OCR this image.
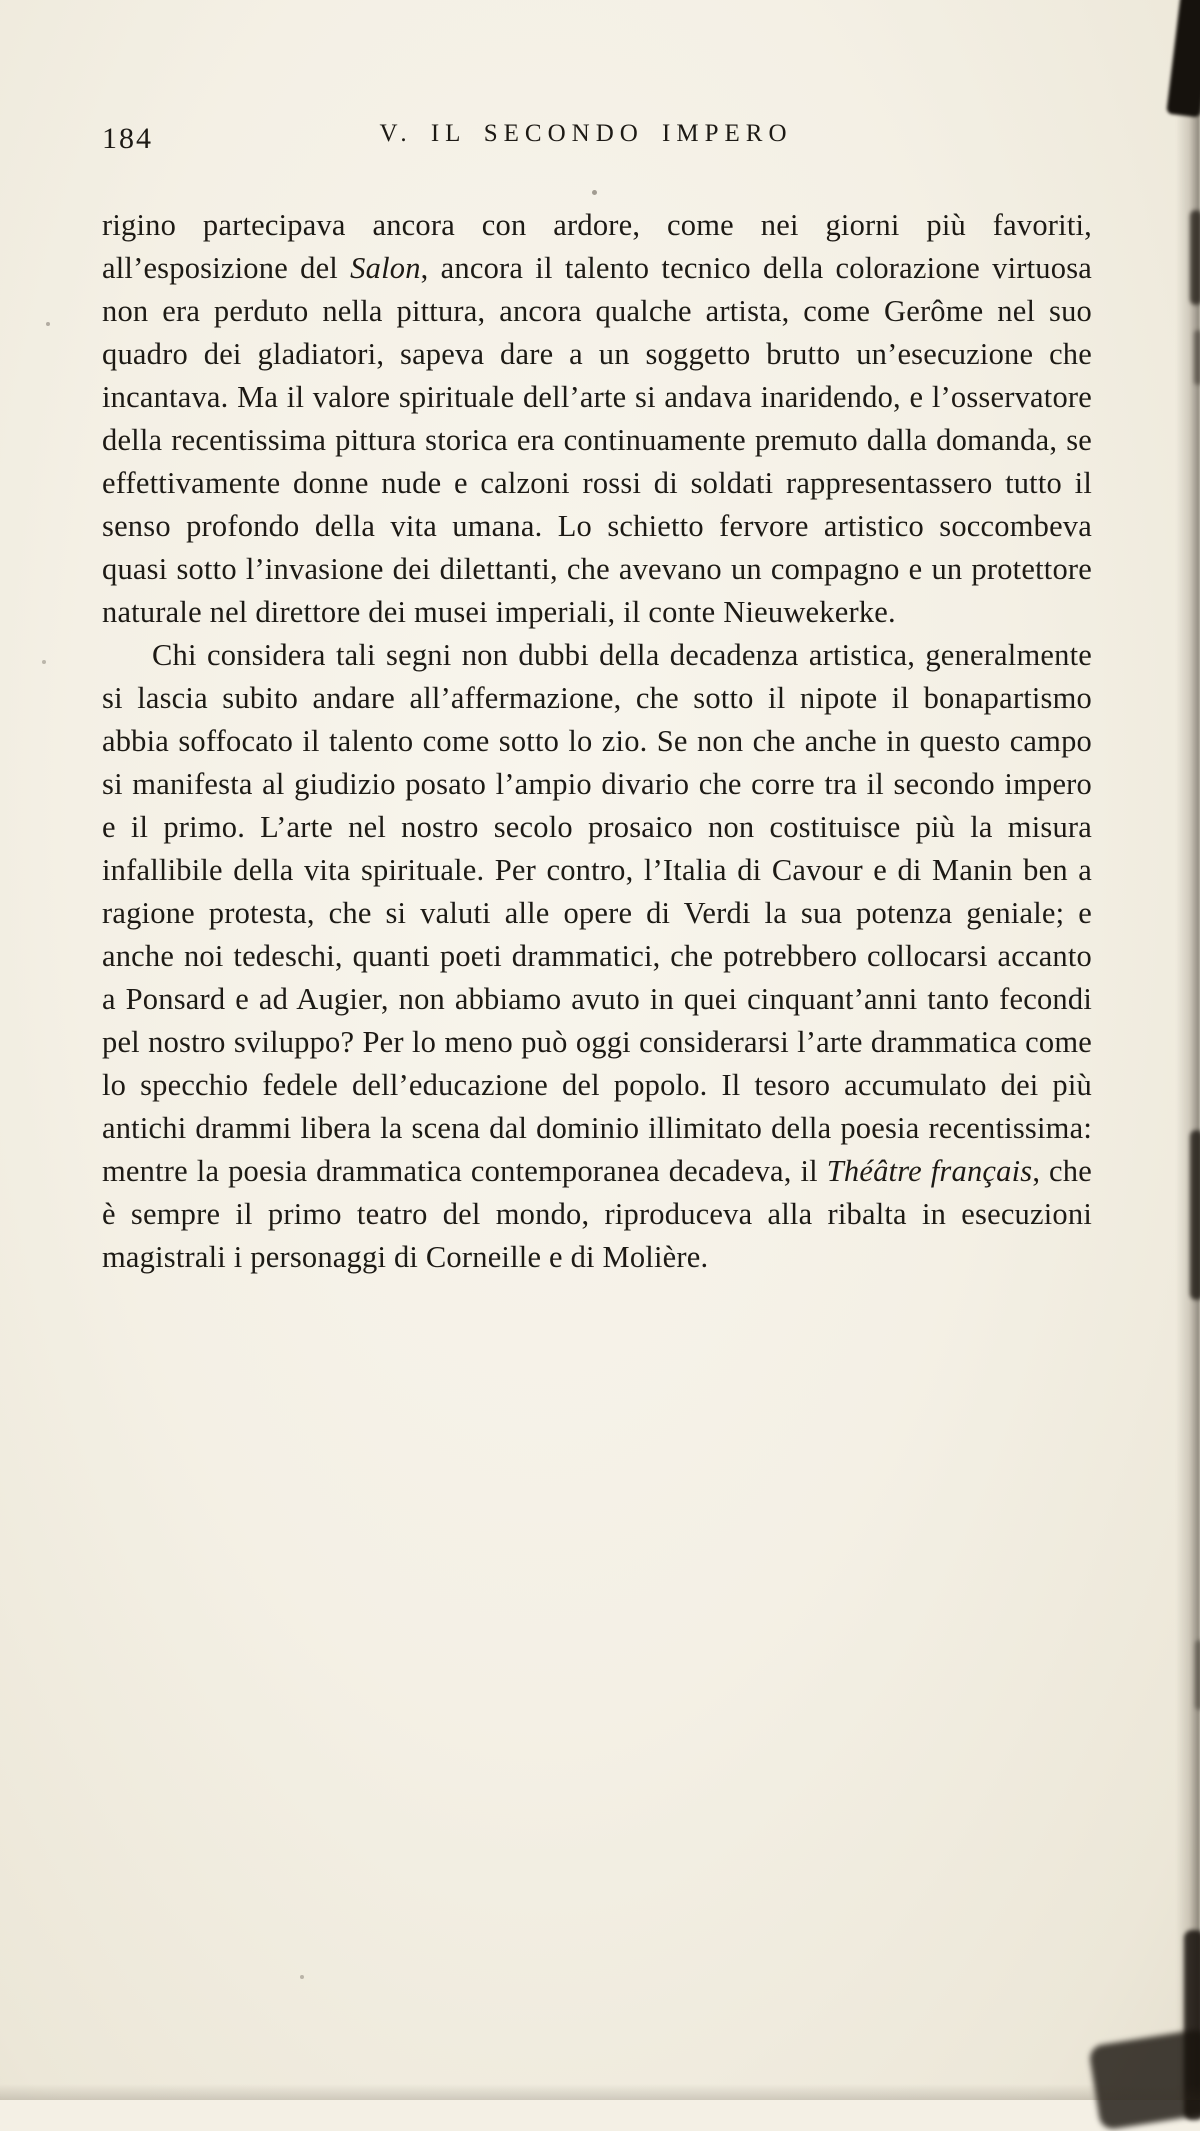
184	V. IL SECONDO IMPERO

rigino partecipava ancora con ardore, come nei giorni più favoriti, all’esposizione del Salon, ancora il talento tecnico della colorazione virtuosa non era perduto nella pittura, ancora qualche artista, come Gerôme nel suo quadro dei gladiatori, sapeva dare a un soggetto brutto un’esecuzione che incantava. Ma il valore spirituale dell’arte si andava inaridendo, e l’osservatore della recentissima pittura storica era continuamente premuto dalla domanda, se effettivamente donne nude e calzoni rossi di soldati rappresentassero tutto il senso profondo della vita umana. Lo schietto fervore artistico soccombeva quasi sotto l’invasione dei dilettanti, che avevano un compagno e un protettore naturale nel direttore dei musei imperiali, il conte Nieuwekerke.

Chi considera tali segni non dubbi della decadenza artistica, generalmente si lascia subito andare all’affermazione, che sotto il nipote il bonapartismo abbia soffocato il talento come sotto lo zio. Se non che anche in questo campo si manifesta al giudizio posato l’ampio divario che corre tra il secondo impero e il primo. L’arte nel nostro secolo prosaico non costituisce più la misura infallibile della vita spirituale. Per contro, l’Italia di Cavour e di Manin ben a ragione protesta, che si valuti alle opere di Verdi la sua potenza geniale; e anche noi tedeschi, quanti poeti drammatici, che potrebbero collocarsi accanto a Ponsard e ad Augier, non abbiamo avuto in quei cinquant’anni tanto fecondi pel nostro sviluppo? Per lo meno può oggi considerarsi l’arte drammatica come lo specchio fedele dell’educazione del popolo. Il tesoro accumulato dei più antichi drammi libera la scena dal dominio illimitato della poesia recentissima: mentre la poesia drammatica contemporanea decadeva, il Théâtre français, che è sempre il primo teatro del mondo, riproduceva alla ribalta in esecuzioni magistrali i personaggi di Corneille e di Molière.
